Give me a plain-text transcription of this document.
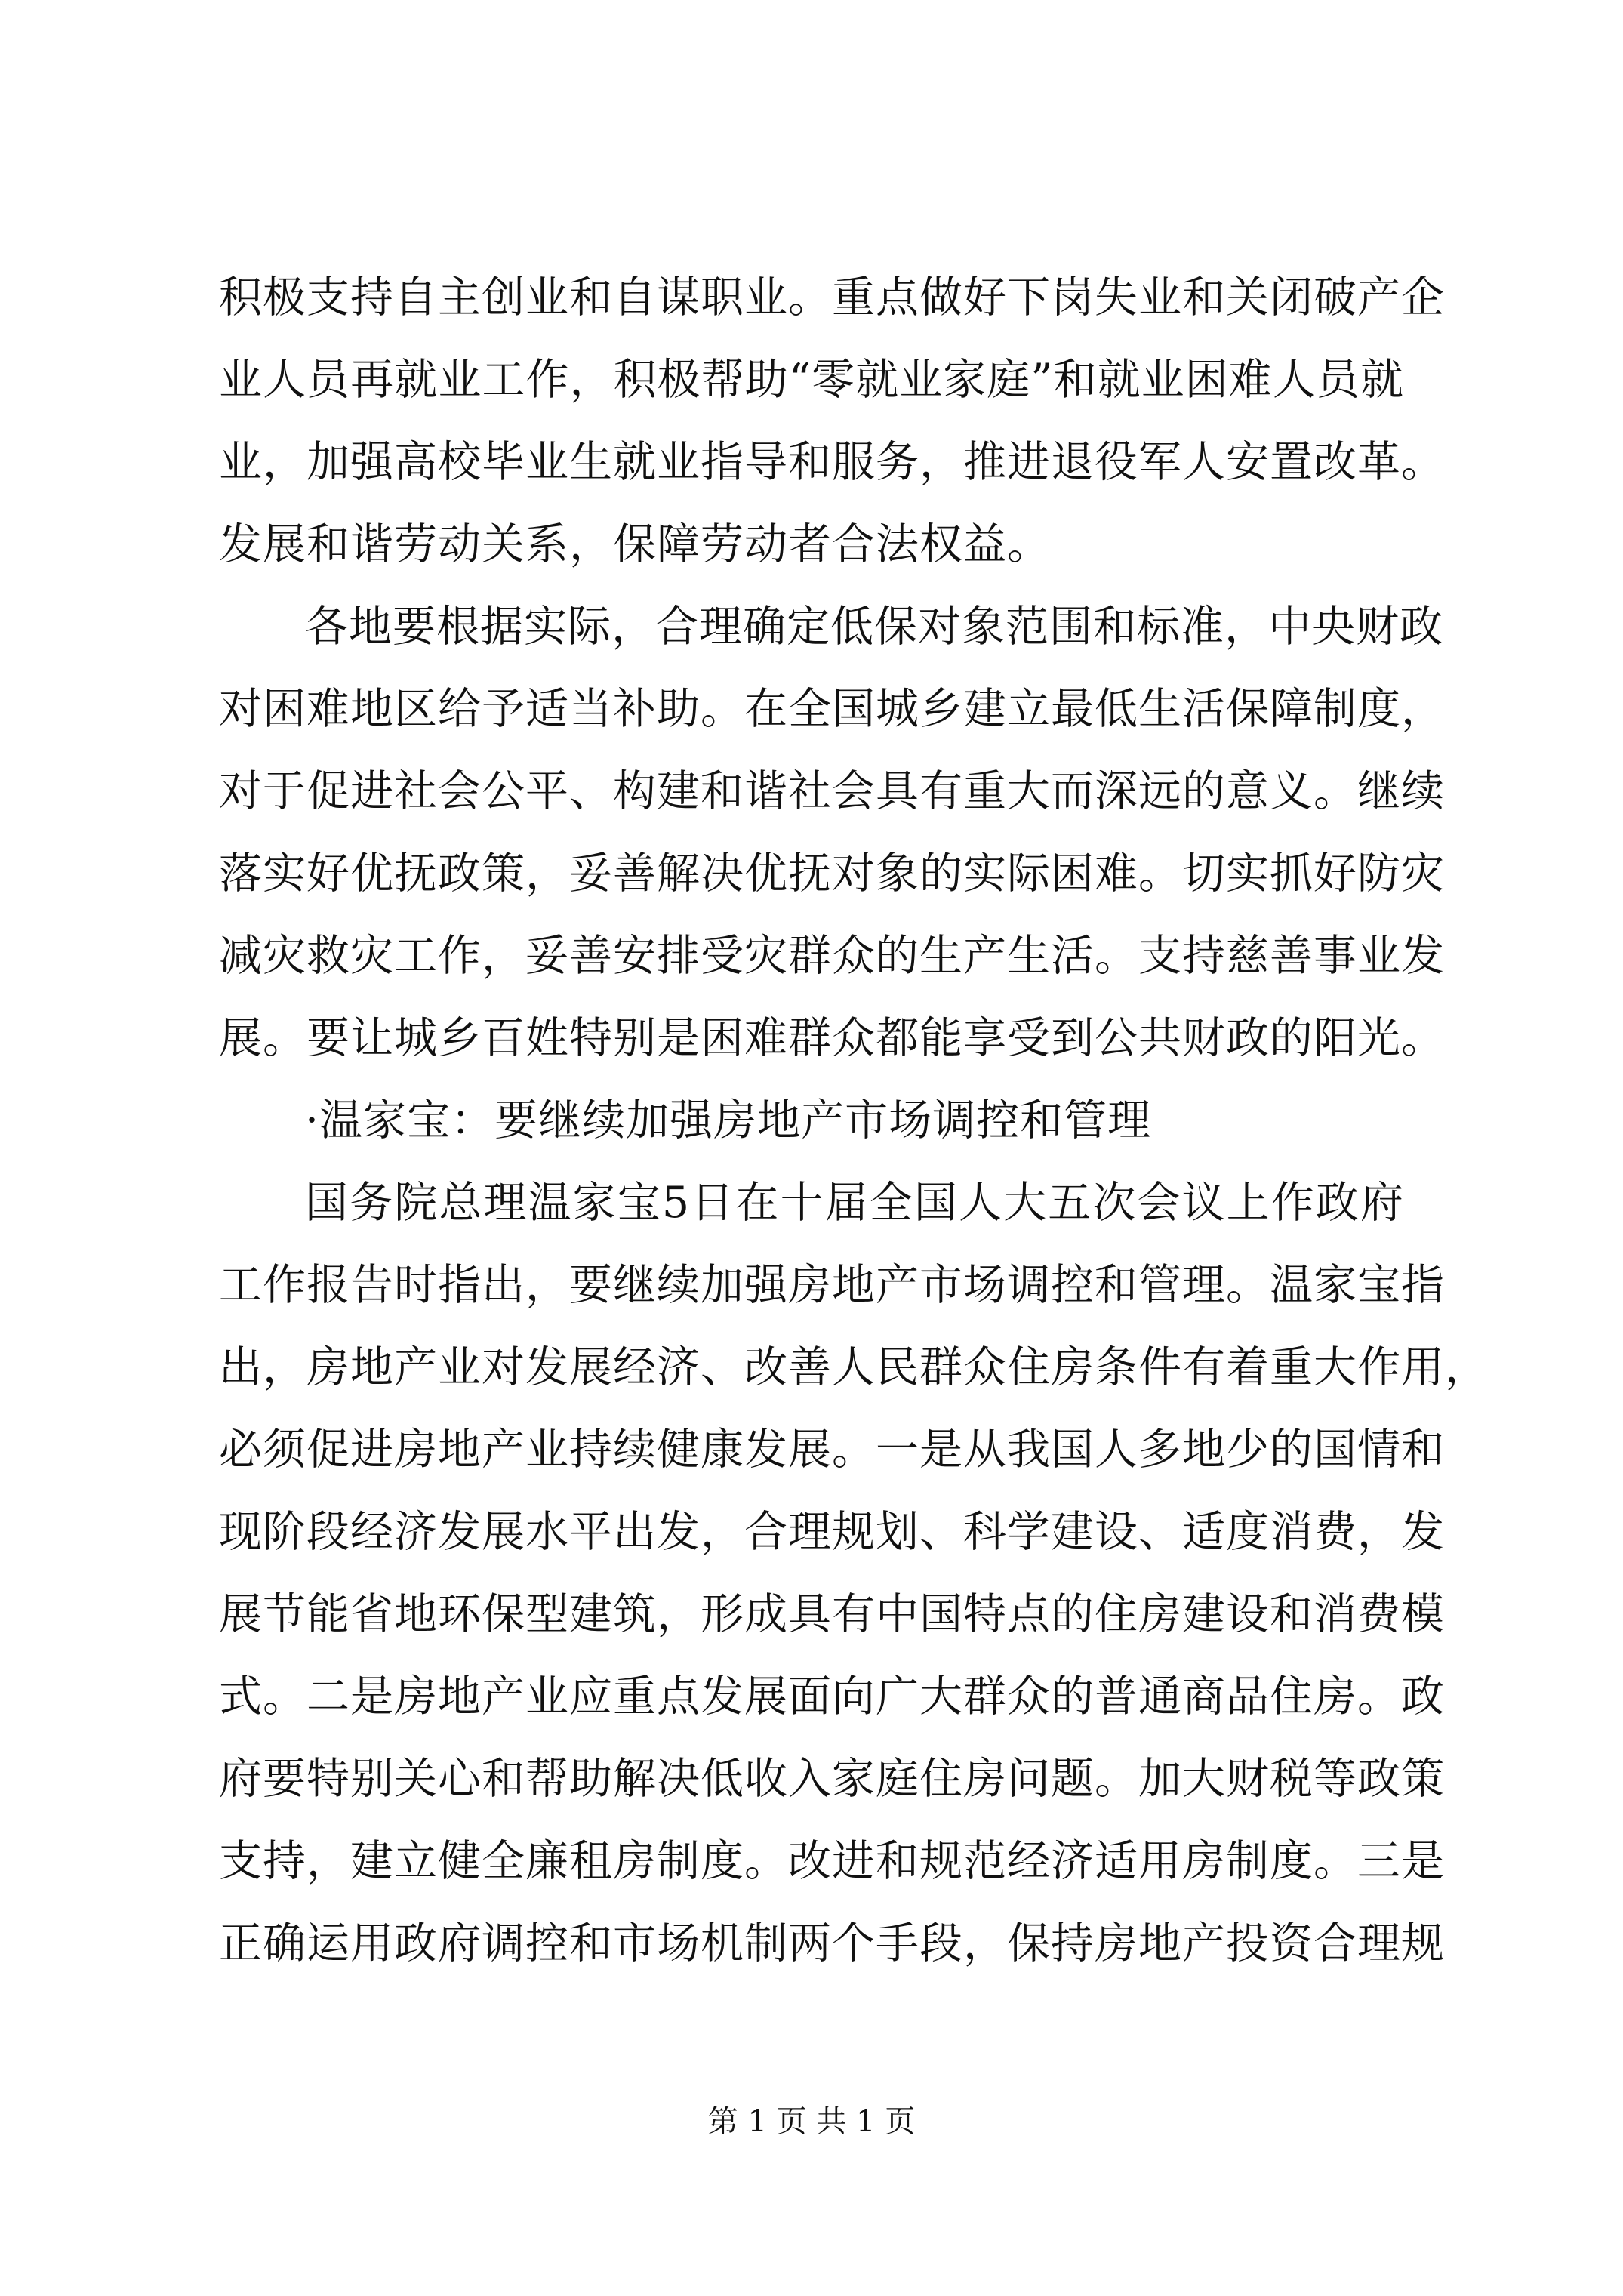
积极支持自主创业和自谋职业。重点做好下岗失业和关闭破产企
业人员再就业工作，积极帮助“零就业家庭”和就业困难人员就
业，加强高校毕业生就业指导和服务，推进退役军人安置改革。
发展和谐劳动关系，保障劳动者合法权益。
各地要根据实际，合理确定低保对象范围和标准，中央财政
对困难地区给予适当补助。在全国城乡建立最低生活保障制度，
对于促进社会公平、构建和谐社会具有重大而深远的意义。继续
落实好优抚政策，妥善解决优抚对象的实际困难。切实抓好防灾
减灾救灾工作，妥善安排受灾群众的生产生活。支持慈善事业发
展。要让城乡百姓特别是困难群众都能享受到公共财政的阳光。
·温家宝：要继续加强房地产市场调控和管理
国务院总理温家宝5日在十届全国人大五次会议上作政府
工作报告时指出，要继续加强房地产市场调控和管理。温家宝指
出，房地产业对发展经济、改善人民群众住房条件有着重大作用，
必须促进房地产业持续健康发展。一是从我国人多地少的国情和
现阶段经济发展水平出发，合理规划、科学建设、适度消费，发
展节能省地环保型建筑，形成具有中国特点的住房建设和消费模
式。二是房地产业应重点发展面向广大群众的普通商品住房。政
府要特别关心和帮助解决低收入家庭住房问题。加大财税等政策
支持，建立健全廉租房制度。改进和规范经济适用房制度。三是
正确运用政府调控和市场机制两个手段，保持房地产投资合理规
第 1 页 共 1 页
